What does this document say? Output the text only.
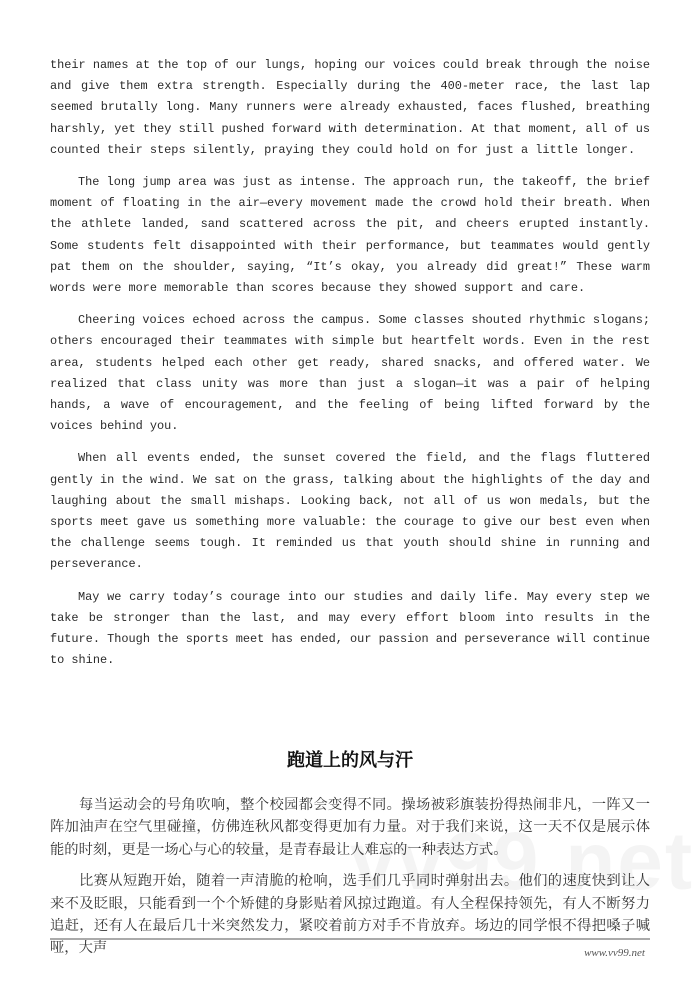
their names at the top of our lungs, hoping our voices could break through the noise and give them extra strength. Especially during the 400-meter race, the last lap seemed brutally long. Many runners were already exhausted, faces flushed, breathing harshly, yet they still pushed forward with determination. At that moment, all of us counted their steps silently, praying they could hold on for just a little longer.

The long jump area was just as intense. The approach run, the takeoff, the brief moment of floating in the air—every movement made the crowd hold their breath. When the athlete landed, sand scattered across the pit, and cheers erupted instantly. Some students felt disappointed with their performance, but teammates would gently pat them on the shoulder, saying, “It’s okay, you already did great!” These warm words were more memorable than scores because they showed support and care.

Cheering voices echoed across the campus. Some classes shouted rhythmic slogans; others encouraged their teammates with simple but heartfelt words. Even in the rest area, students helped each other get ready, shared snacks, and offered water. We realized that class unity was more than just a slogan—it was a pair of helping hands, a wave of encouragement, and the feeling of being lifted forward by the voices behind you.

When all events ended, the sunset covered the field, and the flags fluttered gently in the wind. We sat on the grass, talking about the highlights of the day and laughing about the small mishaps. Looking back, not all of us won medals, but the sports meet gave us something more valuable: the courage to give our best even when the challenge seems tough. It reminded us that youth should shine in running and perseverance.

May we carry today’s courage into our studies and daily life. May every step we take be stronger than the last, and may every effort bloom into results in the future. Though the sports meet has ended, our passion and perseverance will continue to shine.

跑道上的风与汗

每当运动会的号角吹响，整个校园都会变得不同。操场被彩旗装扮得热闹非凡，一阵又一阵加油声在空气里碰撞，仿佛连秋风都变得更加有力量。对于我们来说，这一天不仅是展示体能的时刻，更是一场心与心的较量，是青春最让人难忘的一种表达方式。

比赛从短跑开始，随着一声清脆的枪响，选手们几乎同时弹射出去。他们的速度快到让人来不及眨眼，只能看到一个个矫健的身影贴着风掠过跑道。有人全程保持领先，有人不断努力追赶，还有人在最后几十米突然发力，紧咬着前方对手不肯放弃。场边的同学恨不得把嗓子喊哑，大声	www.vv99.net
